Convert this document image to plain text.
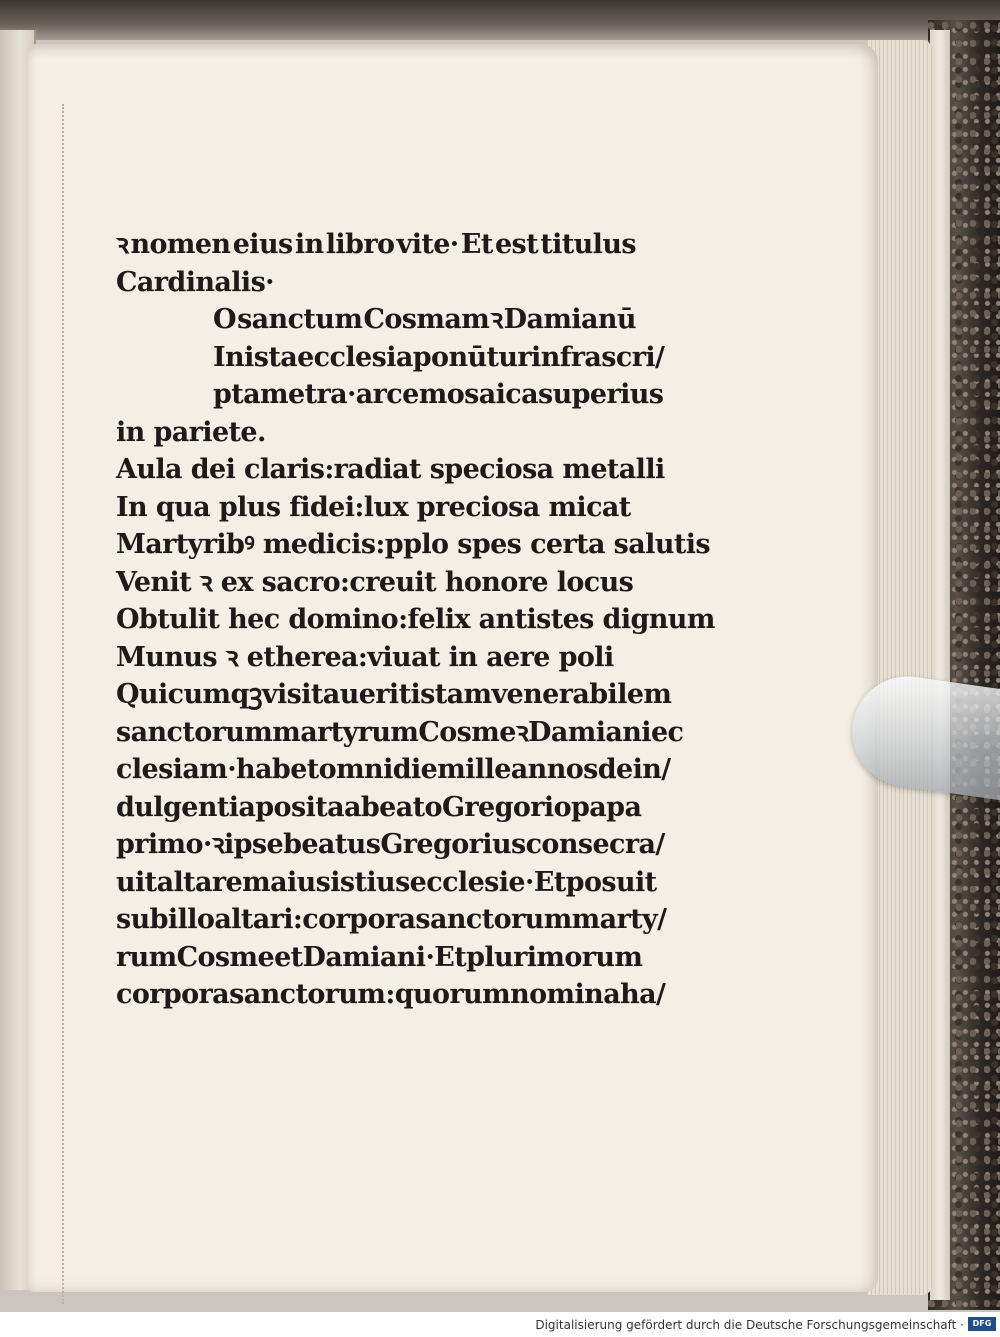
ꝛ nomen eius in libro vite· Et est titulus
Cardinalis·
O sanctum Cosmam ꝛ Damianū
In ista ecclesia ponūtur infrascri/
pta metra·arce mosaica superius
in pariete.
Aula dei claris:radiat speciosa metalli
In qua plus fidei:lux preciosa micat
Martyribꝰ medicis:pplo spes certa salutis
Venit ꝛ ex sacro:creuit honore locus
Obtulit hec domino:felix antistes dignum
Munus ꝛ etherea:viuat in aere poli
Quicumqꝫ visitauerit istam venerabilem
sanctorum martyrum Cosme ꝛ Damiani ec
clesiam·habet omni die mille annos de in/
dulgentia posita a beato Gregorio papa
primo·ꝛ ipse beatus Gregorius consecra/
uit altare maius istius ecclesie· Et posuit
sub illo altari : corpora sanctorum marty/
rum Cosme et Damiani· Et plurimorum
corpora sanctorum : quorum nomina ha/
Digitalisierung gefördert durch die Deutsche Forschungsgemeinschaft ·	DFG
